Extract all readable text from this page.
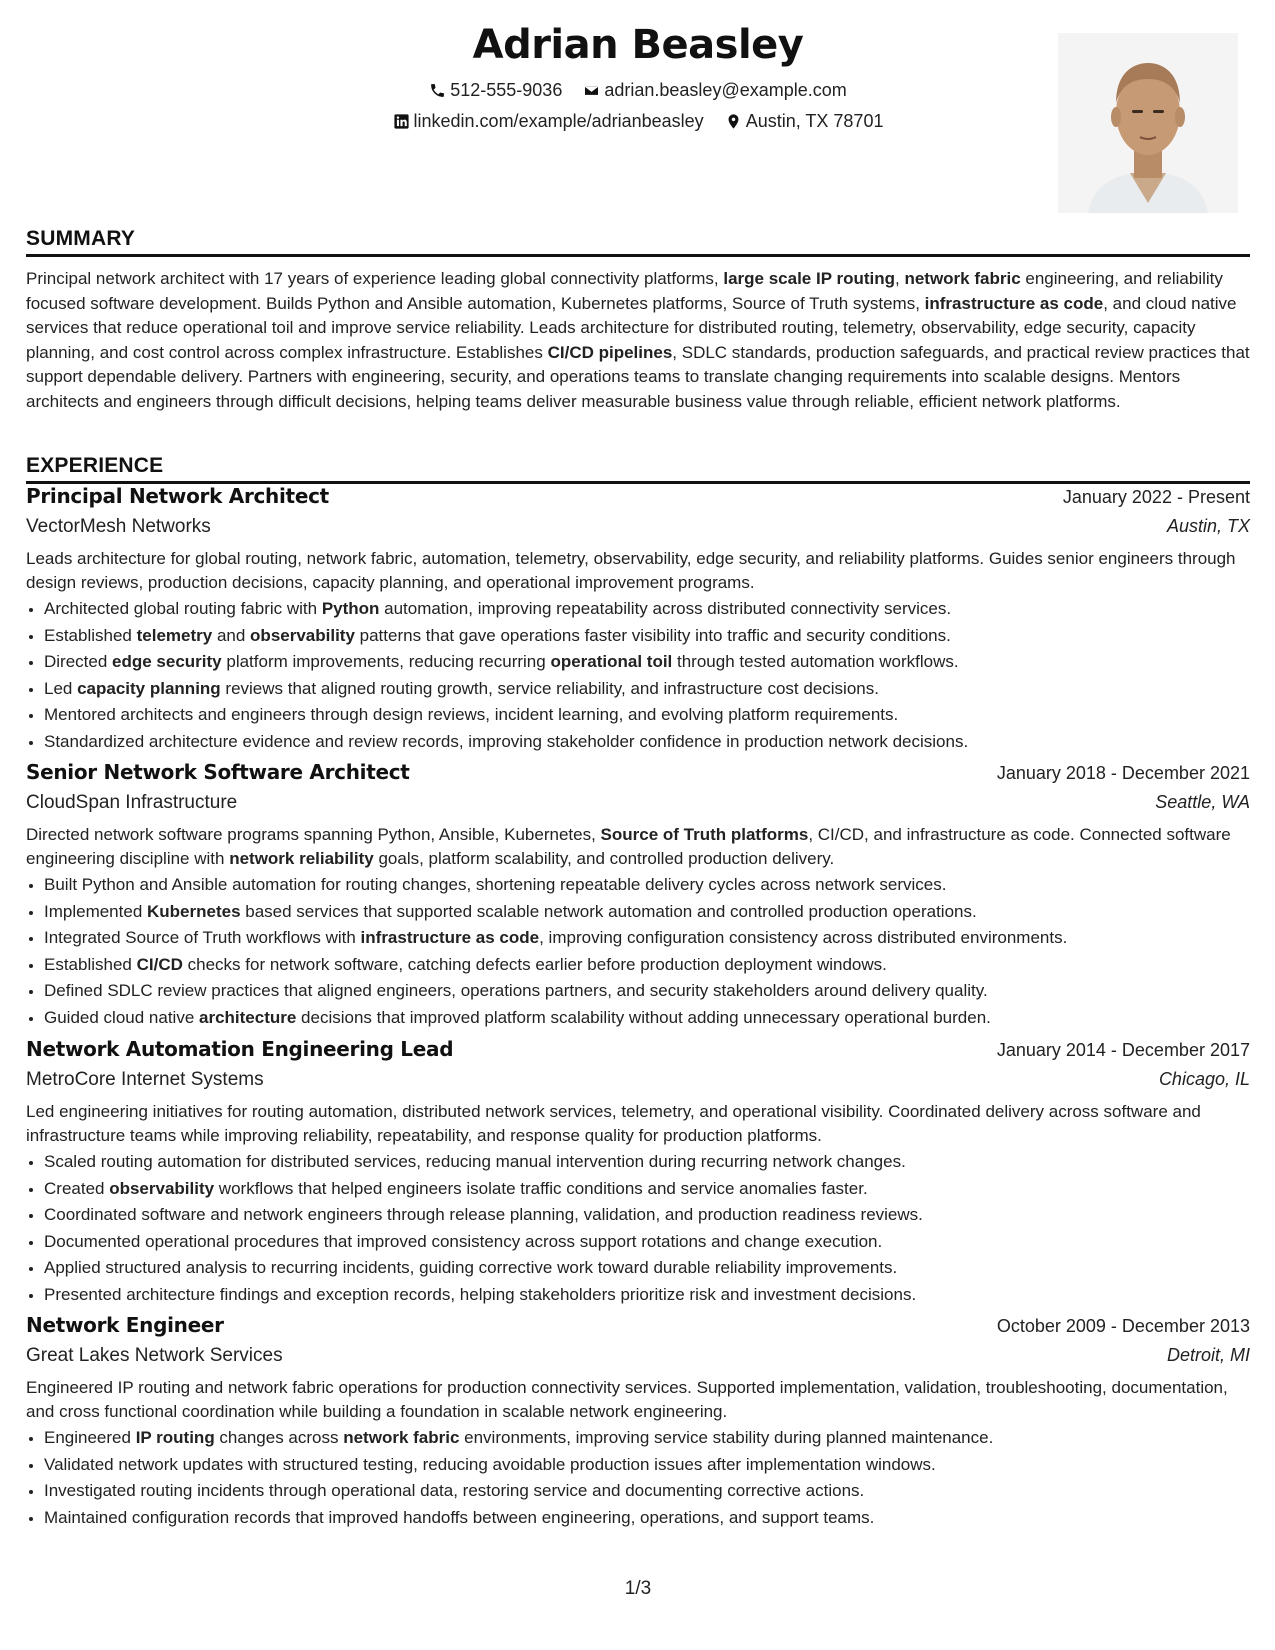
Adrian Beasley
512-555-9036
adrian.beasley@example.com
linkedin.com/example/adrianbeasley
Austin, TX 78701
SUMMARY
Principal network architect with 17 years of experience leading global connectivity platforms, large scale IP routing, network fabric engineering, and reliability focused software development. Builds Python and Ansible automation, Kubernetes platforms, Source of Truth systems, infrastructure as code, and cloud native services that reduce operational toil and improve service reliability. Leads architecture for distributed routing, telemetry, observability, edge security, capacity planning, and cost control across complex infrastructure. Establishes CI/CD pipelines, SDLC standards, production safeguards, and practical review practices that support dependable delivery. Partners with engineering, security, and operations teams to translate changing requirements into scalable designs. Mentors architects and engineers through difficult decisions, helping teams deliver measurable business value through reliable, efficient network platforms.
EXPERIENCE
Principal Network Architect	January 2022 - Present
VectorMesh Networks	Austin, TX
Leads architecture for global routing, network fabric, automation, telemetry, observability, edge security, and reliability platforms. Guides senior engineers through design reviews, production decisions, capacity planning, and operational improvement programs.
• Architected global routing fabric with Python automation, improving repeatability across distributed connectivity services.
• Established telemetry and observability patterns that gave operations faster visibility into traffic and security conditions.
• Directed edge security platform improvements, reducing recurring operational toil through tested automation workflows.
• Led capacity planning reviews that aligned routing growth, service reliability, and infrastructure cost decisions.
• Mentored architects and engineers through design reviews, incident learning, and evolving platform requirements.
• Standardized architecture evidence and review records, improving stakeholder confidence in production network decisions.
Senior Network Software Architect	January 2018 - December 2021
CloudSpan Infrastructure	Seattle, WA
Directed network software programs spanning Python, Ansible, Kubernetes, Source of Truth platforms, CI/CD, and infrastructure as code. Connected software engineering discipline with network reliability goals, platform scalability, and controlled production delivery.
• Built Python and Ansible automation for routing changes, shortening repeatable delivery cycles across network services.
• Implemented Kubernetes based services that supported scalable network automation and controlled production operations.
• Integrated Source of Truth workflows with infrastructure as code, improving configuration consistency across distributed environments.
• Established CI/CD checks for network software, catching defects earlier before production deployment windows.
• Defined SDLC review practices that aligned engineers, operations partners, and security stakeholders around delivery quality.
• Guided cloud native architecture decisions that improved platform scalability without adding unnecessary operational burden.
Network Automation Engineering Lead	January 2014 - December 2017
MetroCore Internet Systems	Chicago, IL
Led engineering initiatives for routing automation, distributed network services, telemetry, and operational visibility. Coordinated delivery across software and infrastructure teams while improving reliability, repeatability, and response quality for production platforms.
• Scaled routing automation for distributed services, reducing manual intervention during recurring network changes.
• Created observability workflows that helped engineers isolate traffic conditions and service anomalies faster.
• Coordinated software and network engineers through release planning, validation, and production readiness reviews.
• Documented operational procedures that improved consistency across support rotations and change execution.
• Applied structured analysis to recurring incidents, guiding corrective work toward durable reliability improvements.
• Presented architecture findings and exception records, helping stakeholders prioritize risk and investment decisions.
Network Engineer	October 2009 - December 2013
Great Lakes Network Services	Detroit, MI
Engineered IP routing and network fabric operations for production connectivity services. Supported implementation, validation, troubleshooting, documentation, and cross functional coordination while building a foundation in scalable network engineering.
• Engineered IP routing changes across network fabric environments, improving service stability during planned maintenance.
• Validated network updates with structured testing, reducing avoidable production issues after implementation windows.
• Investigated routing incidents through operational data, restoring service and documenting corrective actions.
• Maintained configuration records that improved handoffs between engineering, operations, and support teams.
1/3
